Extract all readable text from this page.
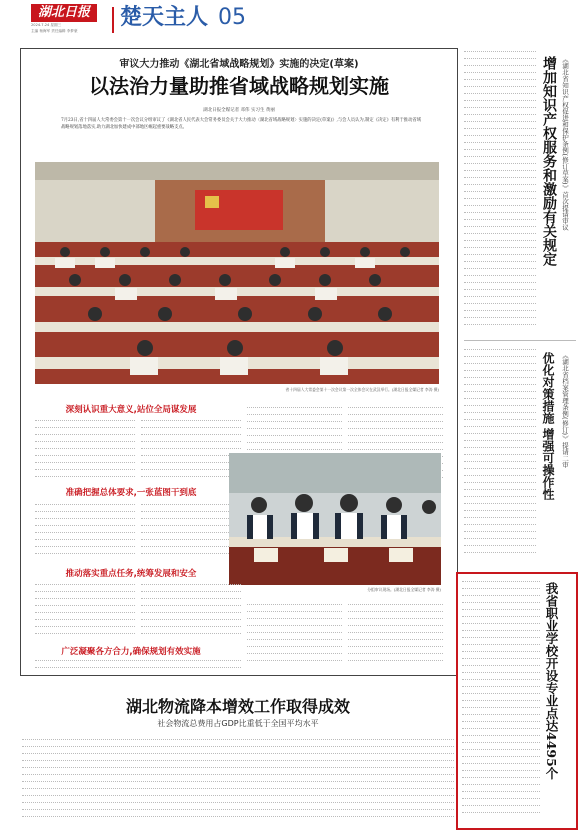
湖北日报
2024.7.24 星期三
主编 杨海军 责任编辑 李梦豪
楚天主人 05
审议大力推动《湖北省域战略规划》实施的决定(草案)
以法治力量助推省域战略规划实施
湖北日报全媒记者 邓伟 实习生 黄丽
7月23日,省十四届人大常委会第十一次会议分组审议了《湖北省人民代表大会常务委员会关于大力推动〈湖北省域战略规划〉实施的决定(草案)》,与会人员认为,制定《决定》有利于推动省域战略规划落地落实,助力湖北加快建成中部地区崛起重要战略支点。
省十四届人大常委会第十一次会议第一次全体会议在武汉举行。(湖北日报全媒记者 李涛 摄)
深刻认识重大意义,站位全局谋发展
准确把握总体要求,一张蓝图干到底
分组审议现场。(湖北日报全媒记者 李涛 摄)
推动落实重点任务,统筹发展和安全
广泛凝聚各方合力,确保规划有效实施
湖北物流降本增效工作取得成效
社会物流总费用占GDP比重低于全国平均水平
增加知识产权服务和激励有关规定 《湖北省知识产权促进和保护条例(修订草案)》首次提请审议
优化对策措施 增强可操作性 《湖北省档案管理条例(修订)》提请二审
我省职业学校开设专业点达4495个
